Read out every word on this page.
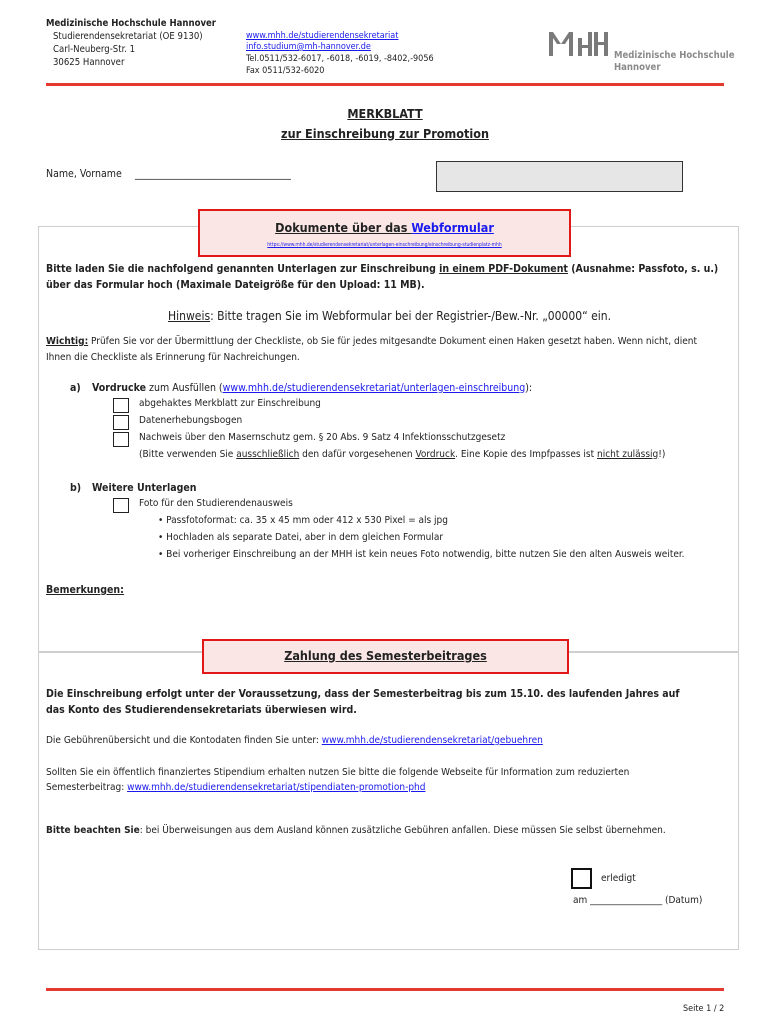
Medizinische Hochschule Hannover
Studierendensekretariat (OE 9130)
Carl-Neuberg-Str. 1
30625 Hannover
www.mhh.de/studierendensekretariat
info.studium@mh-hannover.de
Tel.0511/532-6017, -6018, -6019, -8402,-9056
Fax 0511/532-6020
Medizinische Hochschule
Hannover
MERKBLATT
zur Einschreibung zur Promotion
Name, Vorname _________________________________
Dokumente über das Webformular
https://www.mhh.de/studierendensekretariat/unterlagen-einschreibung/einschreibung-studienplatz-mhh
Bitte laden Sie die nachfolgend genannten Unterlagen zur Einschreibung in einem PDF-Dokument (Ausnahme: Passfoto, s. u.)
über das Formular hoch (Maximale Dateigröße für den Upload: 11 MB).
Hinweis: Bitte tragen Sie im Webformular bei der Registrier-/Bew.-Nr. „00000“ ein.
Wichtig: Prüfen Sie vor der Übermittlung der Checkliste, ob Sie für jedes mitgesandte Dokument einen Haken gesetzt haben. Wenn nicht, dient
Ihnen die Checkliste als Erinnerung für Nachreichungen.
a) Vordrucke zum Ausfüllen (www.mhh.de/studierendensekretariat/unterlagen-einschreibung):
abgehaktes Merkblatt zur Einschreibung
Datenerhebungsbogen
Nachweis über den Masernschutz gem. § 20 Abs. 9 Satz 4 Infektionsschutzgesetz
(Bitte verwenden Sie ausschließlich den dafür vorgesehenen Vordruck. Eine Kopie des Impfpasses ist nicht zulässig!)
b) Weitere Unterlagen
Foto für den Studierendenausweis
• Passfotoformat: ca. 35 x 45 mm oder 412 x 530 Pixel = als jpg
• Hochladen als separate Datei, aber in dem gleichen Formular
• Bei vorheriger Einschreibung an der MHH ist kein neues Foto notwendig, bitte nutzen Sie den alten Ausweis weiter.
Bemerkungen:
Zahlung des Semesterbeitrages
Die Einschreibung erfolgt unter der Voraussetzung, dass der Semesterbeitrag bis zum 15.10. des laufenden Jahres auf
das Konto des Studierendensekretariats überwiesen wird.
Die Gebührenübersicht und die Kontodaten finden Sie unter: www.mhh.de/studierendensekretariat/gebuehren
Sollten Sie ein öffentlich finanziertes Stipendium erhalten nutzen Sie bitte die folgende Webseite für Information zum reduzierten
Semesterbeitrag: www.mhh.de/studierendensekretariat/stipendiaten-promotion-phd
Bitte beachten Sie: bei Überweisungen aus dem Ausland können zusätzliche Gebühren anfallen. Diese müssen Sie selbst übernehmen.
erledigt
am ________________ (Datum)
Seite 1 / 2
